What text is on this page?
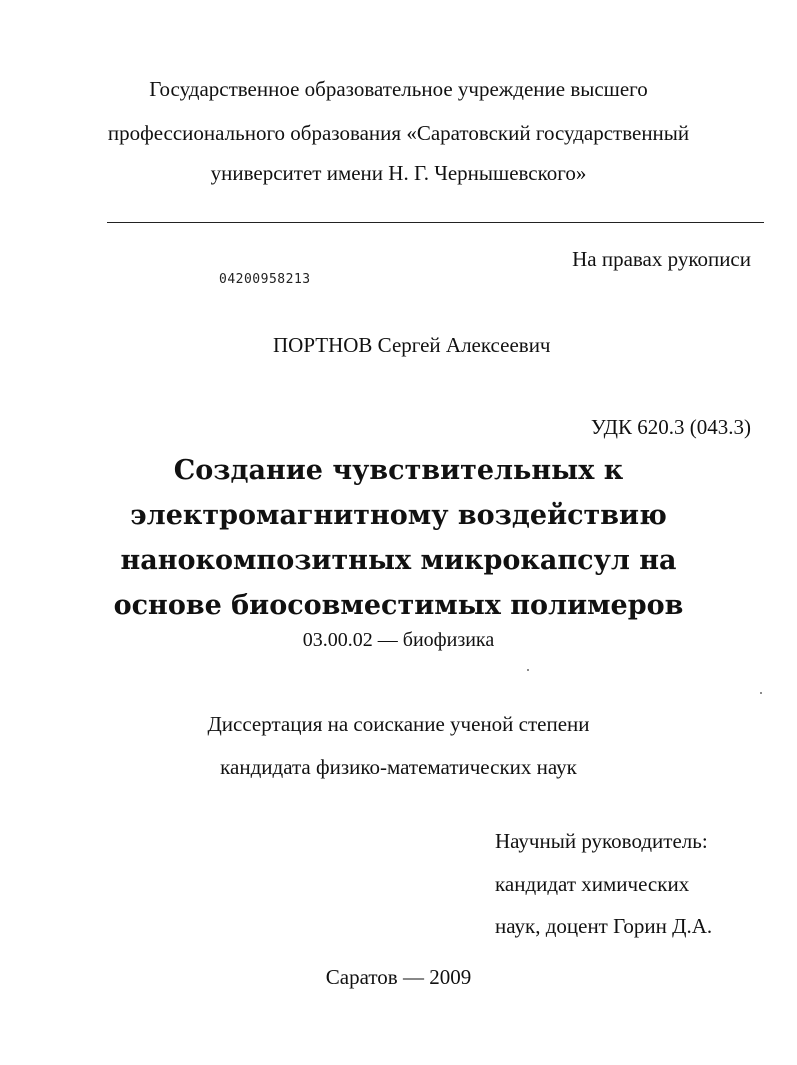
Государственное образовательное учреждение высшего
профессионального образования «Саратовский государственный
университет имени Н. Г. Чернышевского»
На правах рукописи
04200958213
ПОРТНОВ Сергей Алексеевич
УДК 620.3 (043.3)
Создание чувствительных к
электромагнитному воздействию
нанокомпозитных микрокапсул на
основе биосовместимых полимеров
03.00.02 — биофизика
Диссертация на соискание ученой степени
кандидата физико-математических наук
Научный руководитель:
кандидат химических
наук, доцент Горин Д.А.
Саратов — 2009
